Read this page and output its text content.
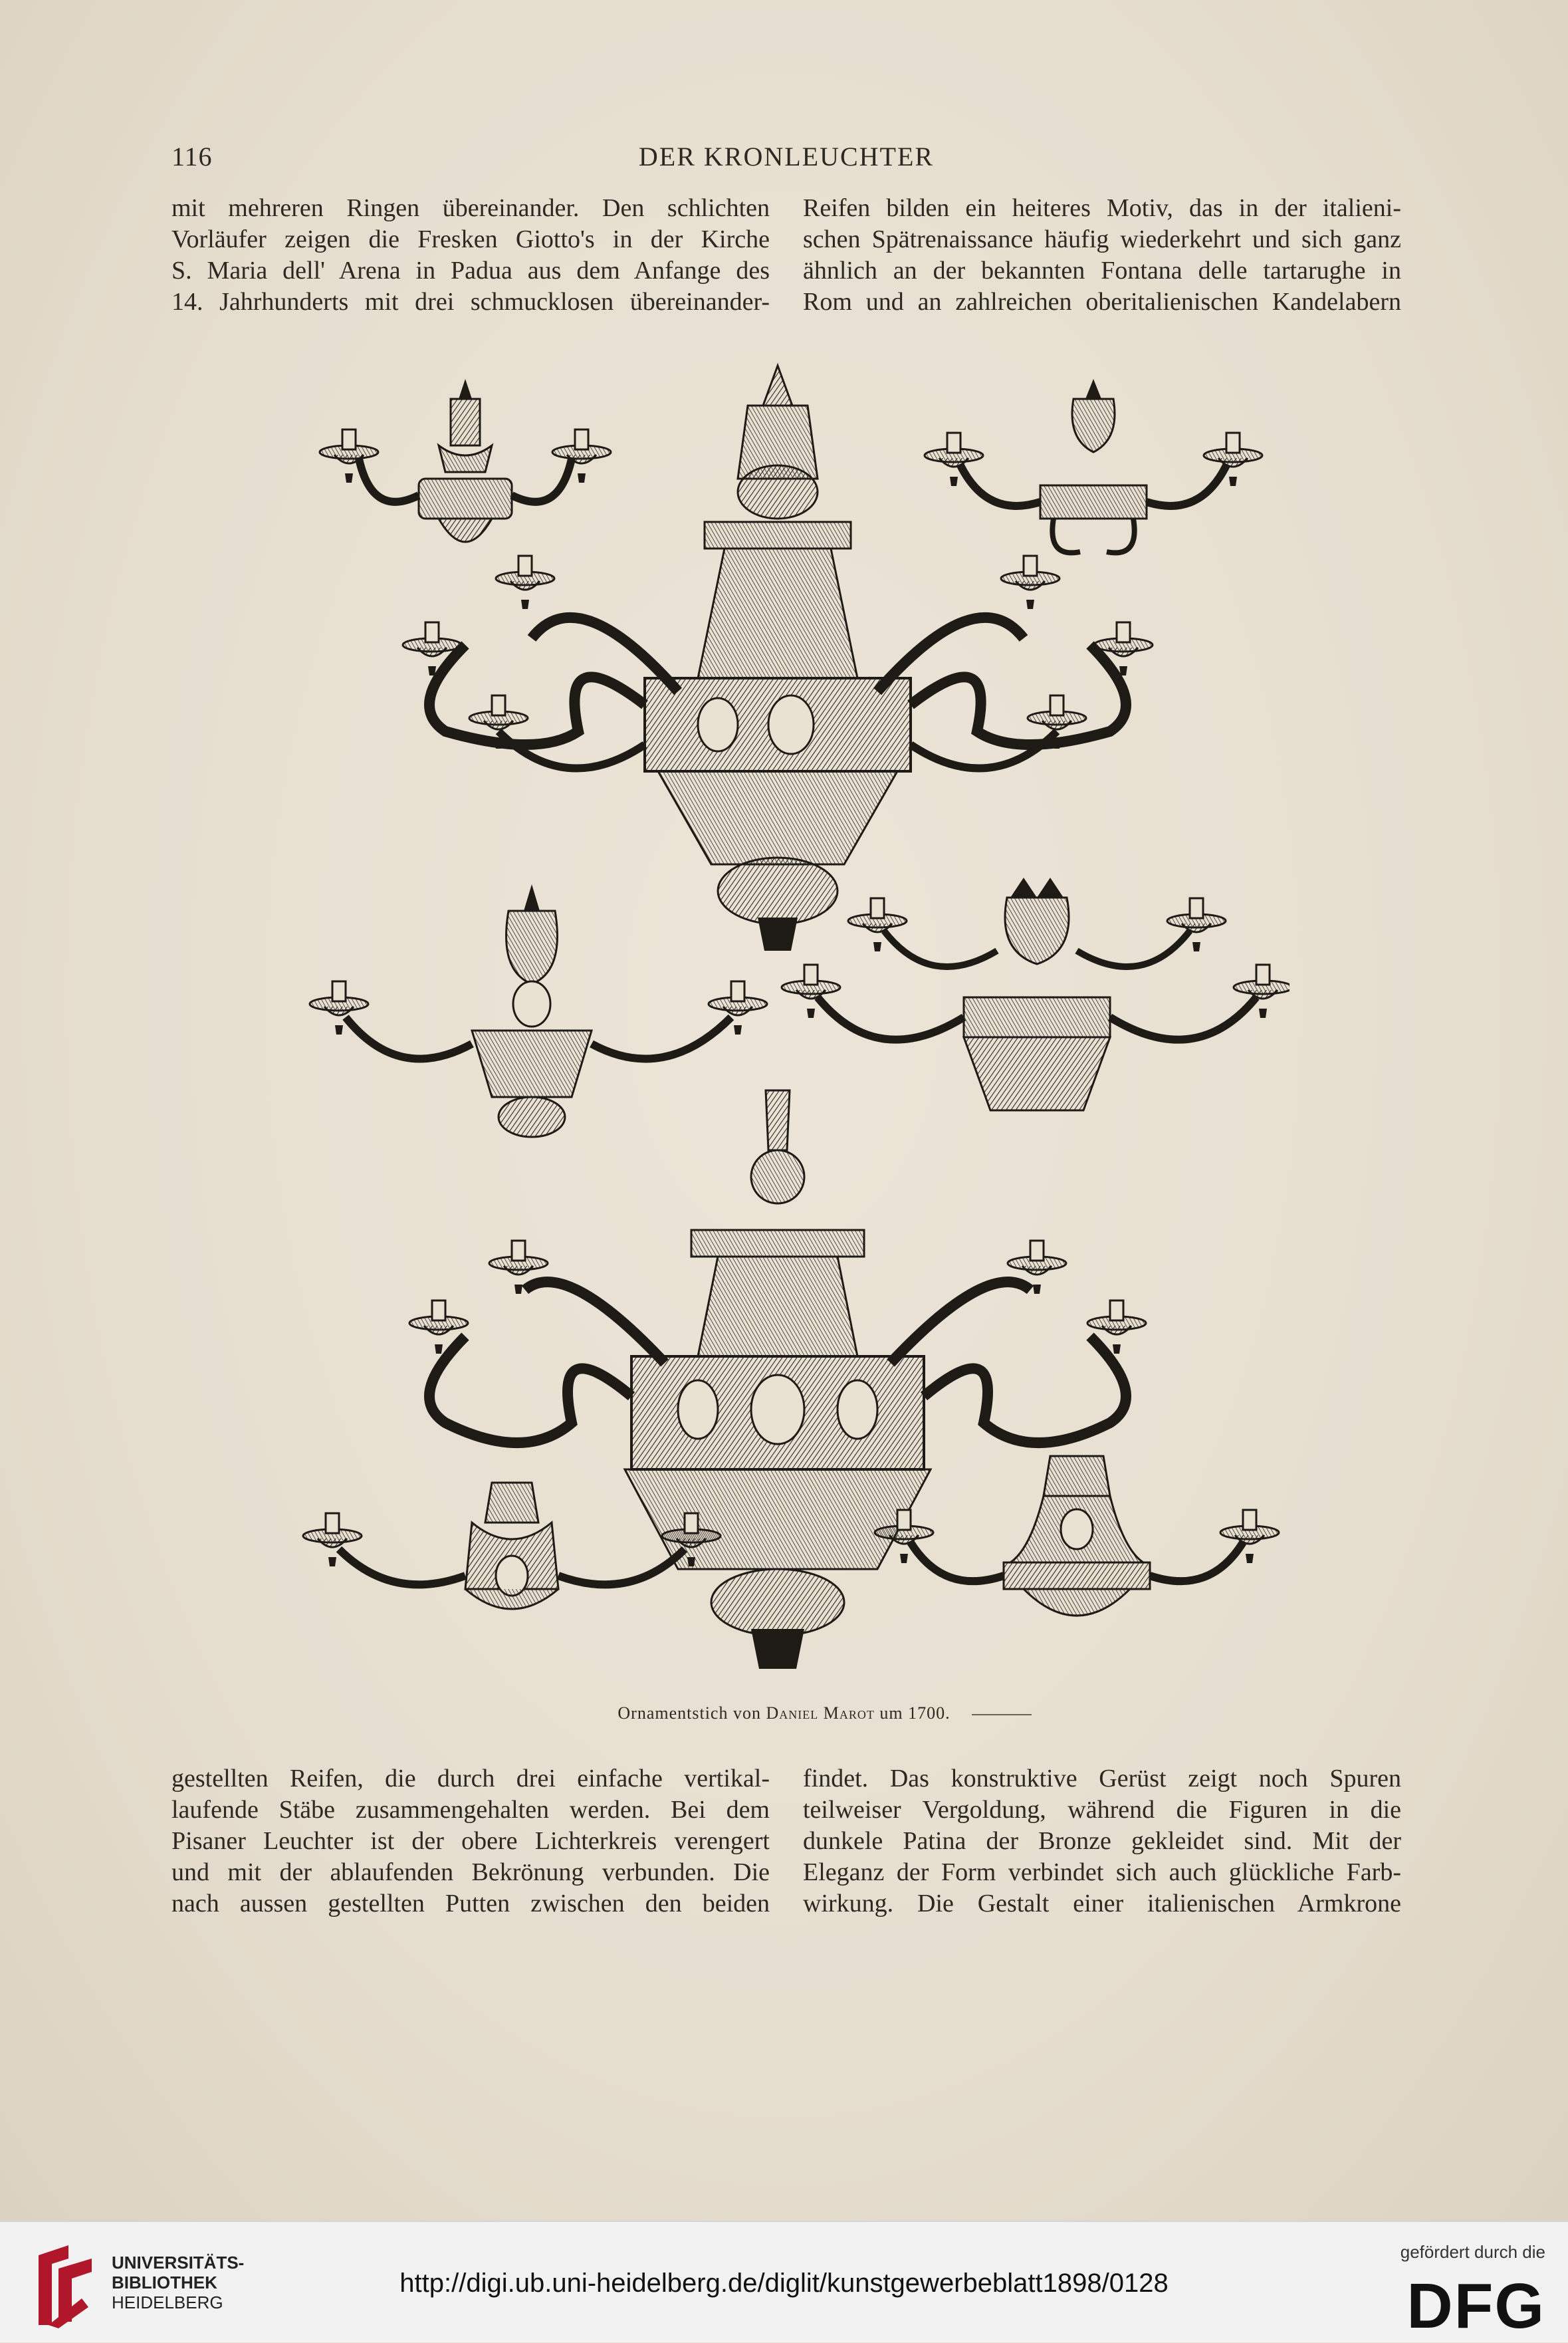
116	DER KRONLEUCHTER
mit mehreren Ringen übereinander. Den schlichten
Vorläufer zeigen die Fresken Giotto's in der Kirche
S. Maria dell' Arena in Padua aus dem Anfange des
14. Jahrhunderts mit drei schmucklosen übereinander-
Reifen bilden ein heiteres Motiv, das in der italieni-
schen Spätrenaissance häufig wiederkehrt und sich ganz
ähnlich an der bekannten Fontana delle tartarughe in
Rom und an zahlreichen oberitalienischen Kandelabern
Ornamentstich von Daniel Marot um 1700.
gestellten Reifen, die durch drei einfache vertikal-
laufende Stäbe zusammengehalten werden. Bei dem
Pisaner Leuchter ist der obere Lichterkreis verengert
und mit der ablaufenden Bekrönung verbunden. Die
nach aussen gestellten Putten zwischen den beiden
findet. Das konstruktive Gerüst zeigt noch Spuren
teilweiser Vergoldung, während die Figuren in die
dunkele Patina der Bronze gekleidet sind. Mit der
Eleganz der Form verbindet sich auch glückliche Farb-
wirkung. Die Gestalt einer italienischen Armkrone
UNIVERSITÄTS-
BIBLIOTHEK
HEIDELBERG
http://digi.ub.uni-heidelberg.de/diglit/kunstgewerbeblatt1898/0128
gefördert durch die
DFG
